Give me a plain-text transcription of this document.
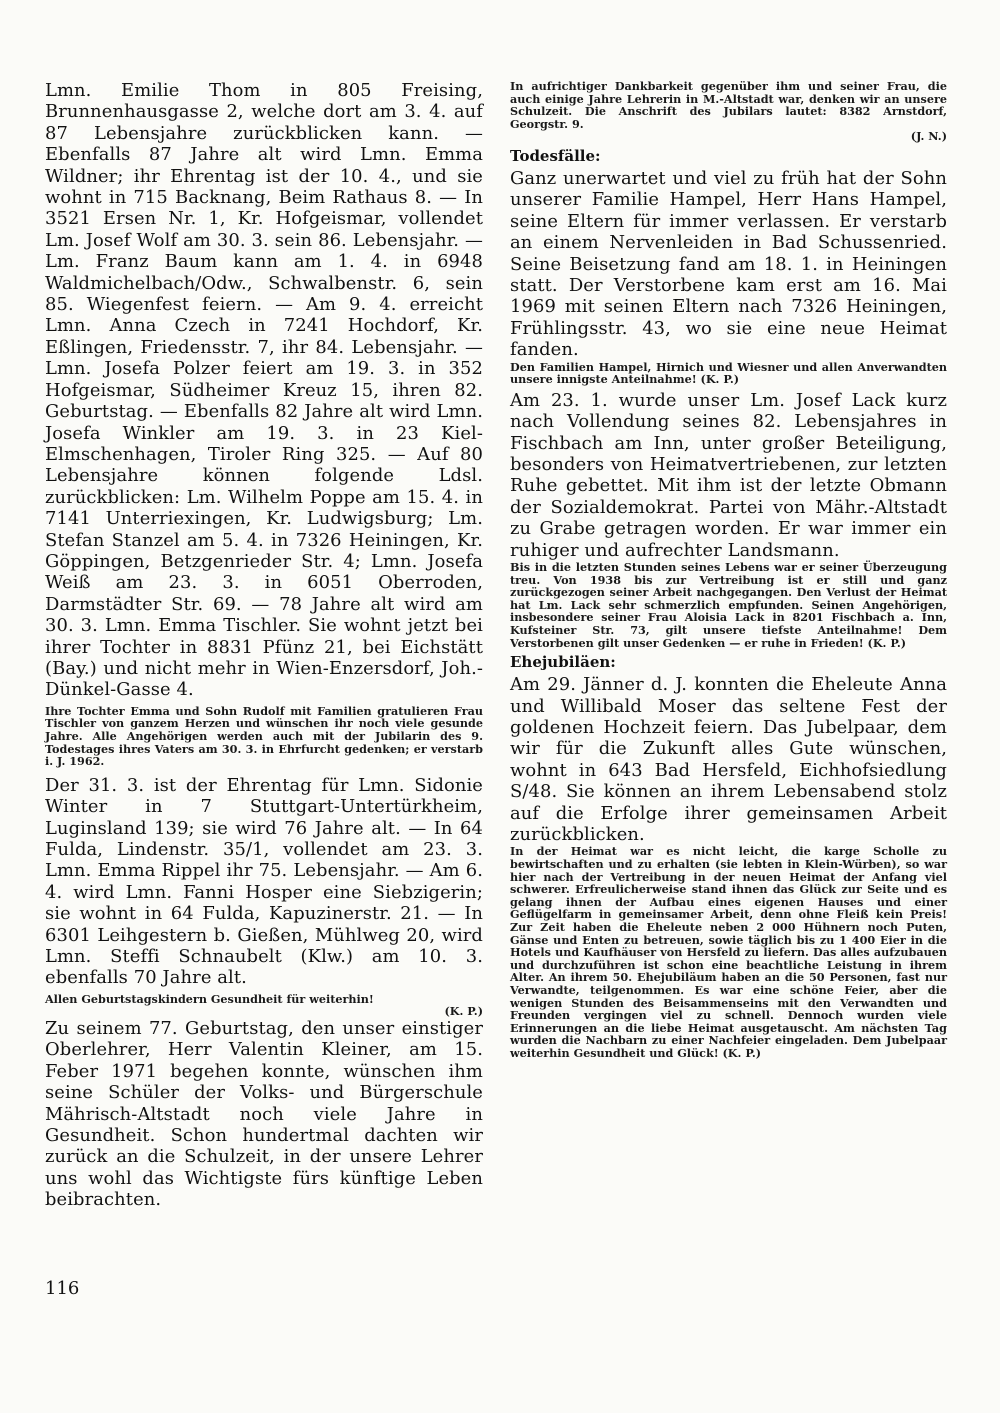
Lmn. Emilie Thom in 805 Freising, Brunnenhausgasse 2, welche dort am 3. 4. auf 87 Lebensjahre zurückblicken kann. — Ebenfalls 87 Jahre alt wird Lmn. Emma Wildner; ihr Ehrentag ist der 10. 4., und sie wohnt in 715 Backnang, Beim Rathaus 8. — In 3521 Ersen Nr. 1, Kr. Hofgeismar, vollendet Lm. Josef Wolf am 30. 3. sein 86. Lebensjahr. — Lm. Franz Baum kann am 1. 4. in 6948 Waldmichelbach/Odw., Schwalbenstr. 6, sein 85. Wiegenfest feiern. — Am 9. 4. erreicht Lmn. Anna Czech in 7241 Hochdorf, Kr. Eßlingen, Friedensstr. 7, ihr 84. Lebensjahr. — Lmn. Josefa Polzer feiert am 19. 3. in 352 Hofgeismar, Südheimer Kreuz 15, ihren 82. Geburtstag. — Ebenfalls 82 Jahre alt wird Lmn. Josefa Winkler am 19. 3. in 23 Kiel-Elmschenhagen, Tiroler Ring 325. — Auf 80 Lebensjahre können folgende Ldsl. zurückblicken: Lm. Wilhelm Poppe am 15. 4. in 7141 Unterriexingen, Kr. Ludwigsburg; Lm. Stefan Stanzel am 5. 4. in 7326 Heiningen, Kr. Göppingen, Betzgenrieder Str. 4; Lmn. Josefa Weiß am 23. 3. in 6051 Oberroden, Darmstädter Str. 69. — 78 Jahre alt wird am 30. 3. Lmn. Emma Tischler. Sie wohnt jetzt bei ihrer Tochter in 8831 Pfünz 21, bei Eichstätt (Bay.) und nicht mehr in Wien-Enzersdorf, Joh.-Dünkel-Gasse 4.

Ihre Tochter Emma und Sohn Rudolf mit Familien gratulieren Frau Tischler von ganzem Herzen und wünschen ihr noch viele gesunde Jahre. Alle Angehörigen werden auch mit der Jubilarin des 9. Todestages ihres Vaters am 30. 3. in Ehrfurcht gedenken; er verstarb i. J. 1962.

Der 31. 3. ist der Ehrentag für Lmn. Sidonie Winter in 7 Stuttgart-Untertürkheim, Luginsland 139; sie wird 76 Jahre alt. — In 64 Fulda, Lindenstr. 35/1, vollendet am 23. 3. Lmn. Emma Rippel ihr 75. Lebensjahr. — Am 6. 4. wird Lmn. Fanni Hosper eine Siebzigerin; sie wohnt in 64 Fulda, Kapuzinerstr. 21. — In 6301 Leihgestern b. Gießen, Mühlweg 20, wird Lmn. Steffi Schnaubelt (Klw.) am 10. 3. ebenfalls 70 Jahre alt.

Allen Geburtstagskindern Gesundheit für weiterhin!

(K. P.)

Zu seinem 77. Geburtstag, den unser einstiger Oberlehrer, Herr Valentin Kleiner, am 15. Feber 1971 begehen konnte, wünschen ihm seine Schüler der Volks- und Bürgerschule Mährisch-Altstadt noch viele Jahre in Gesundheit. Schon hundertmal dachten wir zurück an die Schulzeit, in der unsere Lehrer uns wohl das Wichtigste fürs künftige Leben beibrachten.

In aufrichtiger Dankbarkeit gegenüber ihm und seiner Frau, die auch einige Jahre Lehrerin in M.-Altstadt war, denken wir an unsere Schulzeit. Die Anschrift des Jubilars lautet: 8382 Arnstdorf, Georgstr. 9.

(J. N.)

Todesfälle:

Ganz unerwartet und viel zu früh hat der Sohn unserer Familie Hampel, Herr Hans Hampel, seine Eltern für immer verlassen. Er verstarb an einem Nervenleiden in Bad Schussenried. Seine Beisetzung fand am 18. 1. in Heiningen statt. Der Verstorbene kam erst am 16. Mai 1969 mit seinen Eltern nach 7326 Heiningen, Frühlingsstr. 43, wo sie eine neue Heimat fanden.

Den Familien Hampel, Hirnich und Wiesner und allen Anverwandten unsere innigste Anteilnahme! (K. P.)

Am 23. 1. wurde unser Lm. Josef Lack kurz nach Vollendung seines 82. Lebensjahres in Fischbach am Inn, unter großer Beteiligung, besonders von Heimatvertriebenen, zur letzten Ruhe gebettet. Mit ihm ist der letzte Obmann der Sozialdemokrat. Partei von Mähr.-Altstadt zu Grabe getragen worden. Er war immer ein ruhiger und aufrechter Landsmann.

Bis in die letzten Stunden seines Lebens war er seiner Überzeugung treu. Von 1938 bis zur Vertreibung ist er still und ganz zurückgezogen seiner Arbeit nachgegangen. Den Verlust der Heimat hat Lm. Lack sehr schmerzlich empfunden. Seinen Angehörigen, insbesondere seiner Frau Aloisia Lack in 8201 Fischbach a. Inn, Kufsteiner Str. 73, gilt unsere tiefste Anteilnahme! Dem Verstorbenen gilt unser Gedenken — er ruhe in Frieden! (K. P.)

Ehejubiläen:

Am 29. Jänner d. J. konnten die Eheleute Anna und Willibald Moser das seltene Fest der goldenen Hochzeit feiern. Das Jubelpaar, dem wir für die Zukunft alles Gute wünschen, wohnt in 643 Bad Hersfeld, Eichhofsiedlung S/48. Sie können an ihrem Lebensabend stolz auf die Erfolge ihrer gemeinsamen Arbeit zurückblicken.

In der Heimat war es nicht leicht, die karge Scholle zu bewirtschaften und zu erhalten (sie lebten in Klein-Würben), so war hier nach der Vertreibung in der neuen Heimat der Anfang viel schwerer. Erfreulicherweise stand ihnen das Glück zur Seite und es gelang ihnen der Aufbau eines eigenen Hauses und einer Geflügelfarm in gemeinsamer Arbeit, denn ohne Fleiß kein Preis! Zur Zeit haben die Eheleute neben 2 000 Hühnern noch Puten, Gänse und Enten zu betreuen, sowie täglich bis zu 1 400 Eier in die Hotels und Kaufhäuser von Hersfeld zu liefern. Das alles aufzubauen und durchzuführen ist schon eine beachtliche Leistung in ihrem Alter. An ihrem 50. Ehejubiläum haben an die 50 Personen, fast nur Verwandte, teilgenommen. Es war eine schöne Feier, aber die wenigen Stunden des Beisammenseins mit den Verwandten und Freunden vergingen viel zu schnell. Dennoch wurden viele Erinnerungen an die liebe Heimat ausgetauscht. Am nächsten Tag wurden die Nachbarn zu einer Nachfeier eingeladen. Dem Jubelpaar weiterhin Gesundheit und Glück! (K. P.)

116
